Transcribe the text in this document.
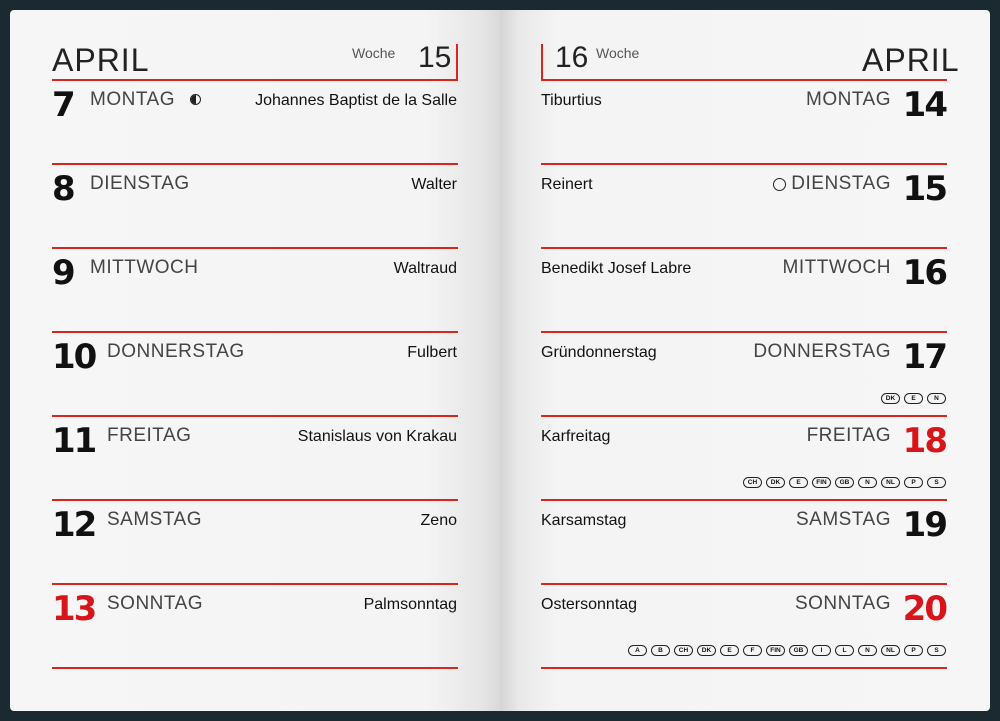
APRIL	Woche 15	16 Woche	APRIL
7 MONTAG	Johannes Baptist de la Salle
8 DIENSTAG	Walter
9 MITTWOCH	Waltraud
10 DONNERSTAG	Fulbert
11 FREITAG	Stanislaus von Krakau
12 SAMSTAG	Zeno
13 SONNTAG	Palmsonntag
Tiburtius	MONTAG 14
Reinert	DIENSTAG 15
Benedikt Josef Labre	MITTWOCH 16
Gründonnerstag	DONNERSTAG 17
DK	E	N
Karfreitag	FREITAG 18
CH	DK	E	FIN	GB	N	NL	P	S
Karsamstag	SAMSTAG 19
Ostersonntag	SONNTAG 20
A	B	CH	DK	E	F	FIN	GB	I	L	N	NL	P	S
